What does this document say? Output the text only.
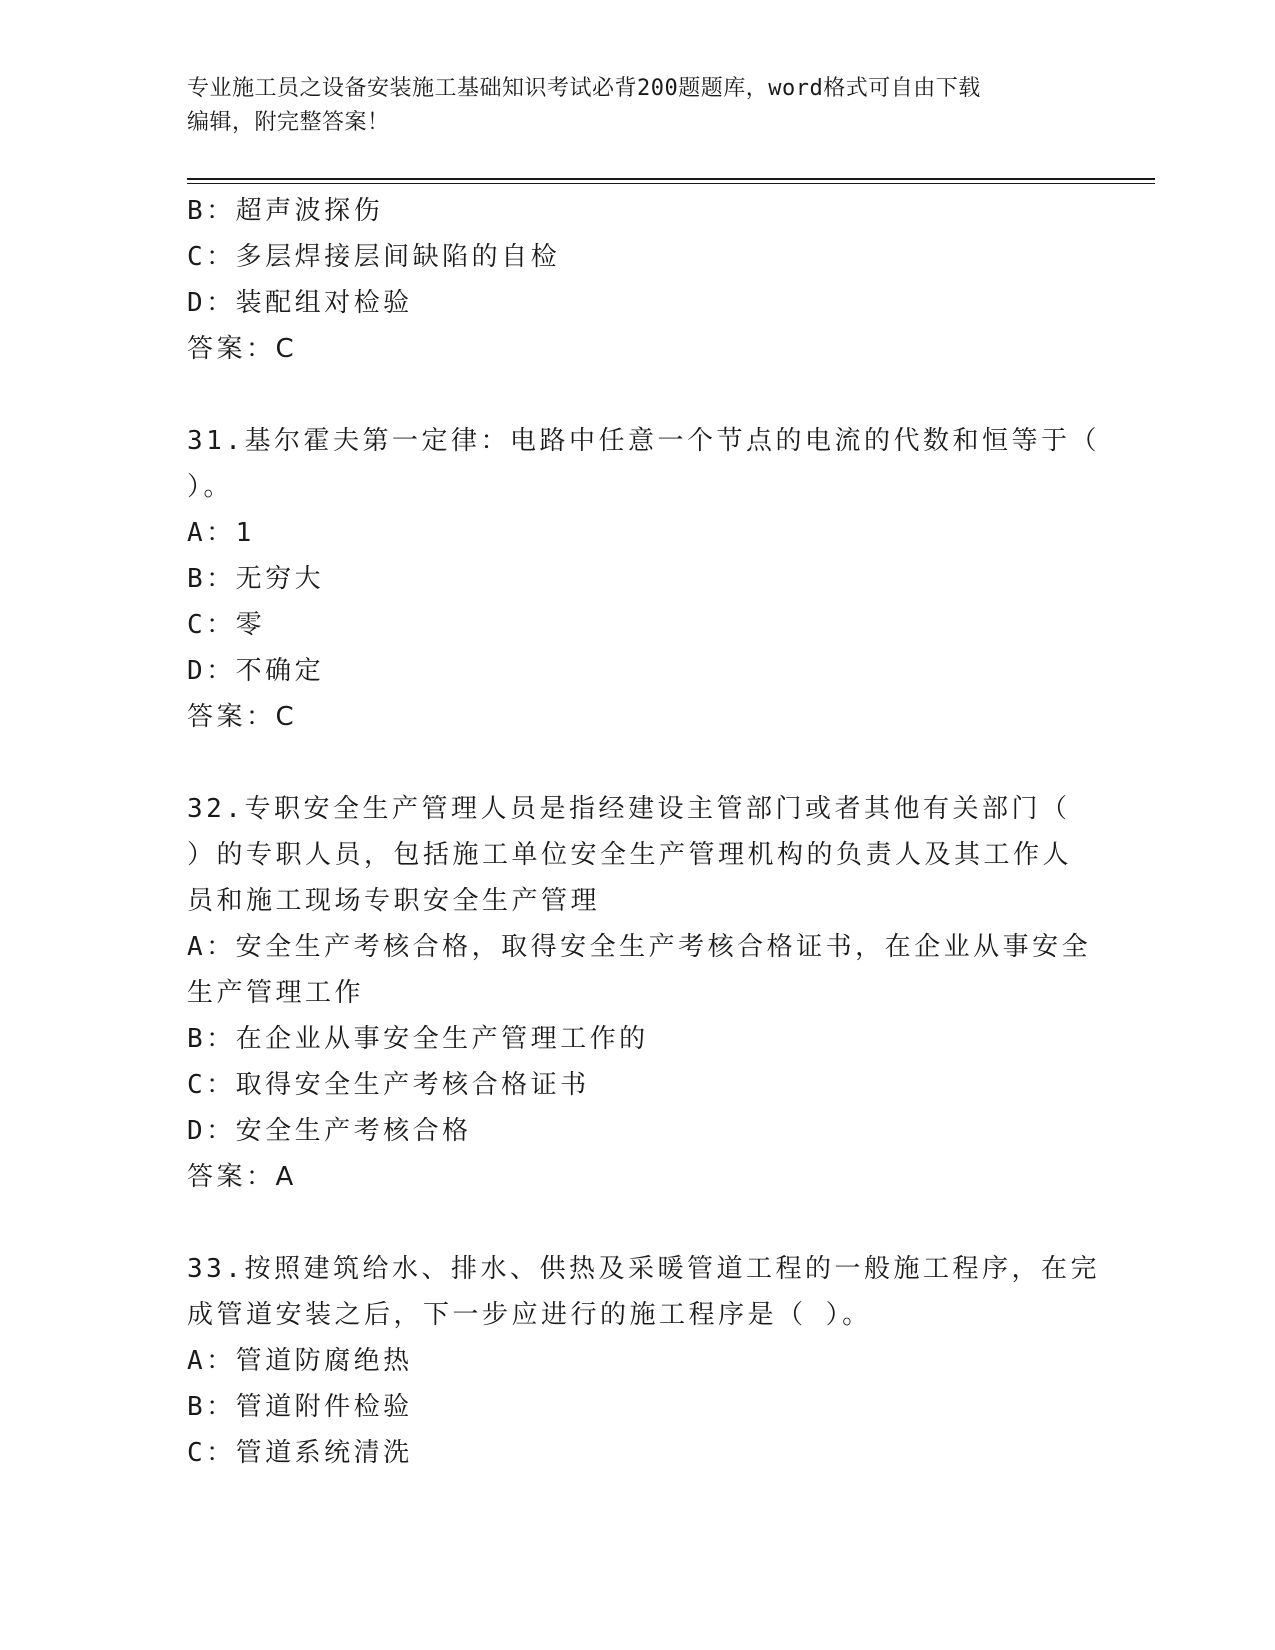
专业施工员之设备安装施工基础知识考试必背200题题库，word格式可自由下载
编辑，附完整答案！
B：超声波探伤
C：多层焊接层间缺陷的自检
D：装配组对检验
答案：C
31.基尔霍夫第一定律：电路中任意一个节点的电流的代数和恒等于（
）。
A：1
B：无穷大
C：零
D：不确定
答案：C
32.专职安全生产管理人员是指经建设主管部门或者其他有关部门（
）的专职人员，包括施工单位安全生产管理机构的负责人及其工作人
员和施工现场专职安全生产管理
A：安全生产考核合格，取得安全生产考核合格证书，在企业从事安全
生产管理工作
B：在企业从事安全生产管理工作的
C：取得安全生产考核合格证书
D：安全生产考核合格
答案：A
33.按照建筑给水、排水、供热及采暖管道工程的一般施工程序，在完
成管道安装之后，下一步应进行的施工程序是（ ）。
A：管道防腐绝热
B：管道附件检验
C：管道系统清洗
